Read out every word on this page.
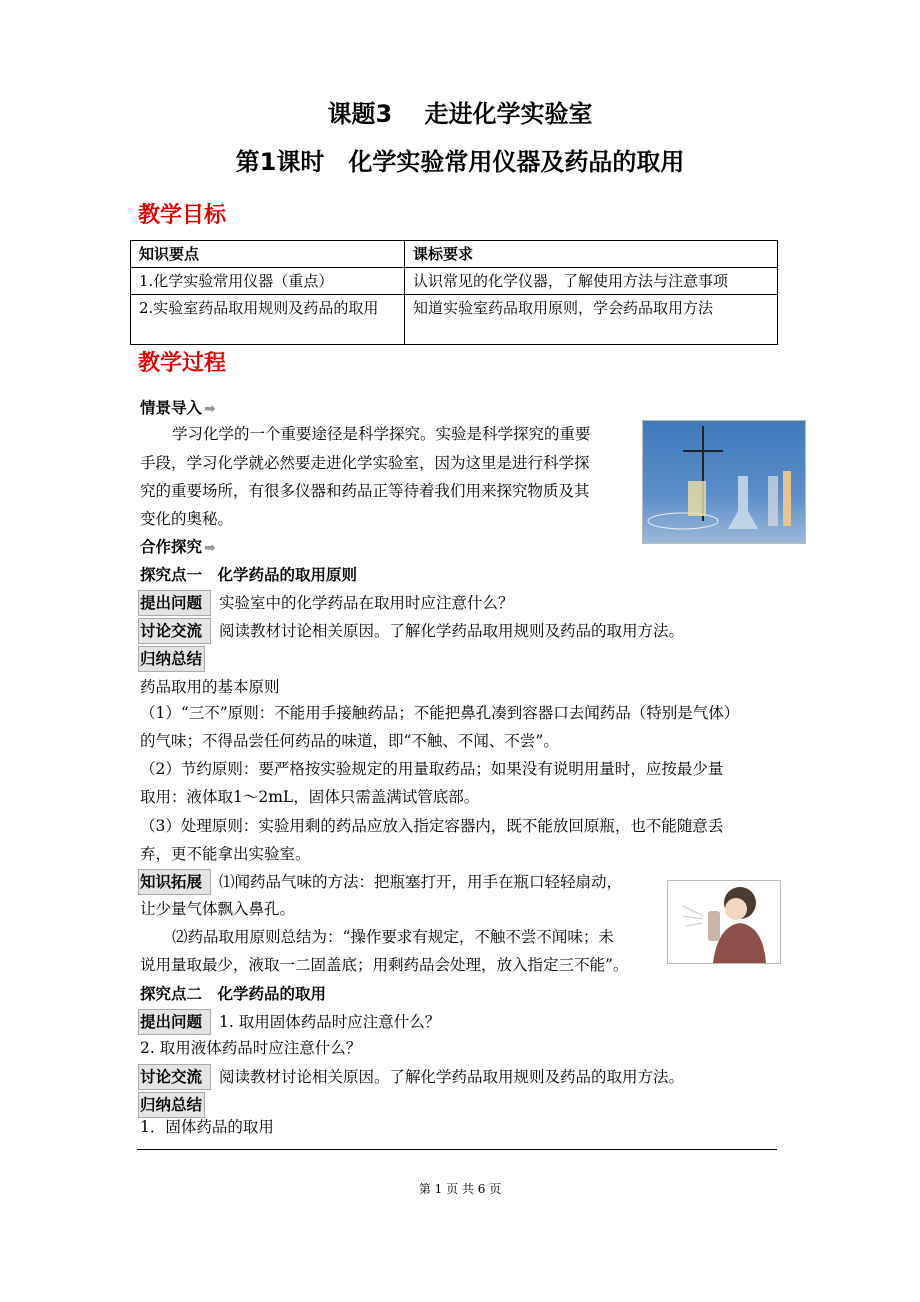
课题3　 走进化学实验室
第1课时　化学实验常用仪器及药品的取用
教学目标
知识要点	课标要求
1.化学实验常用仪器（重点）	认识常见的化学仪器，了解使用方法与注意事项
2.实验室药品取用规则及药品的取用	知道实验室药品取用原则，学会药品取用方法
教学过程
情景导入 ➡
学习化学的一个重要途径是科学探究。实验是科学探究的重要
手段，学习化学就必然要走进化学实验室，因为这里是进行科学探
究的重要场所，有很多仪器和药品正等待着我们用来探究物质及其
变化的奥秘。
合作探究 ➡
探究点一　化学药品的取用原则
提出问题 实验室中的化学药品在取用时应注意什么？
讨论交流 阅读教材讨论相关原因。了解化学药品取用规则及药品的取用方法。
归纳总结
药品取用的基本原则
（1）“三不”原则：不能用手接触药品；不能把鼻孔凑到容器口去闻药品（特别是气体）
的气味；不得品尝任何药品的味道，即“不触、不闻、不尝”。
（2）节约原则：要严格按实验规定的用量取药品；如果没有说明用量时，应按最少量
取用：液体取1～2mL，固体只需盖满试管底部。
（3）处理原则：实验用剩的药品应放入指定容器内，既不能放回原瓶，也不能随意丢
弃，更不能拿出实验室。
知识拓展 ⑴闻药品气味的方法：把瓶塞打开，用手在瓶口轻轻扇动，
让少量气体飘入鼻孔。
⑵药品取用原则总结为：“操作要求有规定，不触不尝不闻味；未
说用量取最少，液取一二固盖底；用剩药品会处理，放入指定三不能”。
探究点二　化学药品的取用
提出问题 1. 取用固体药品时应注意什么？
2. 取用液体药品时应注意什么？
讨论交流 阅读教材讨论相关原因。了解化学药品取用规则及药品的取用方法。
归纳总结
1．固体药品的取用
第 1 页 共 6 页
